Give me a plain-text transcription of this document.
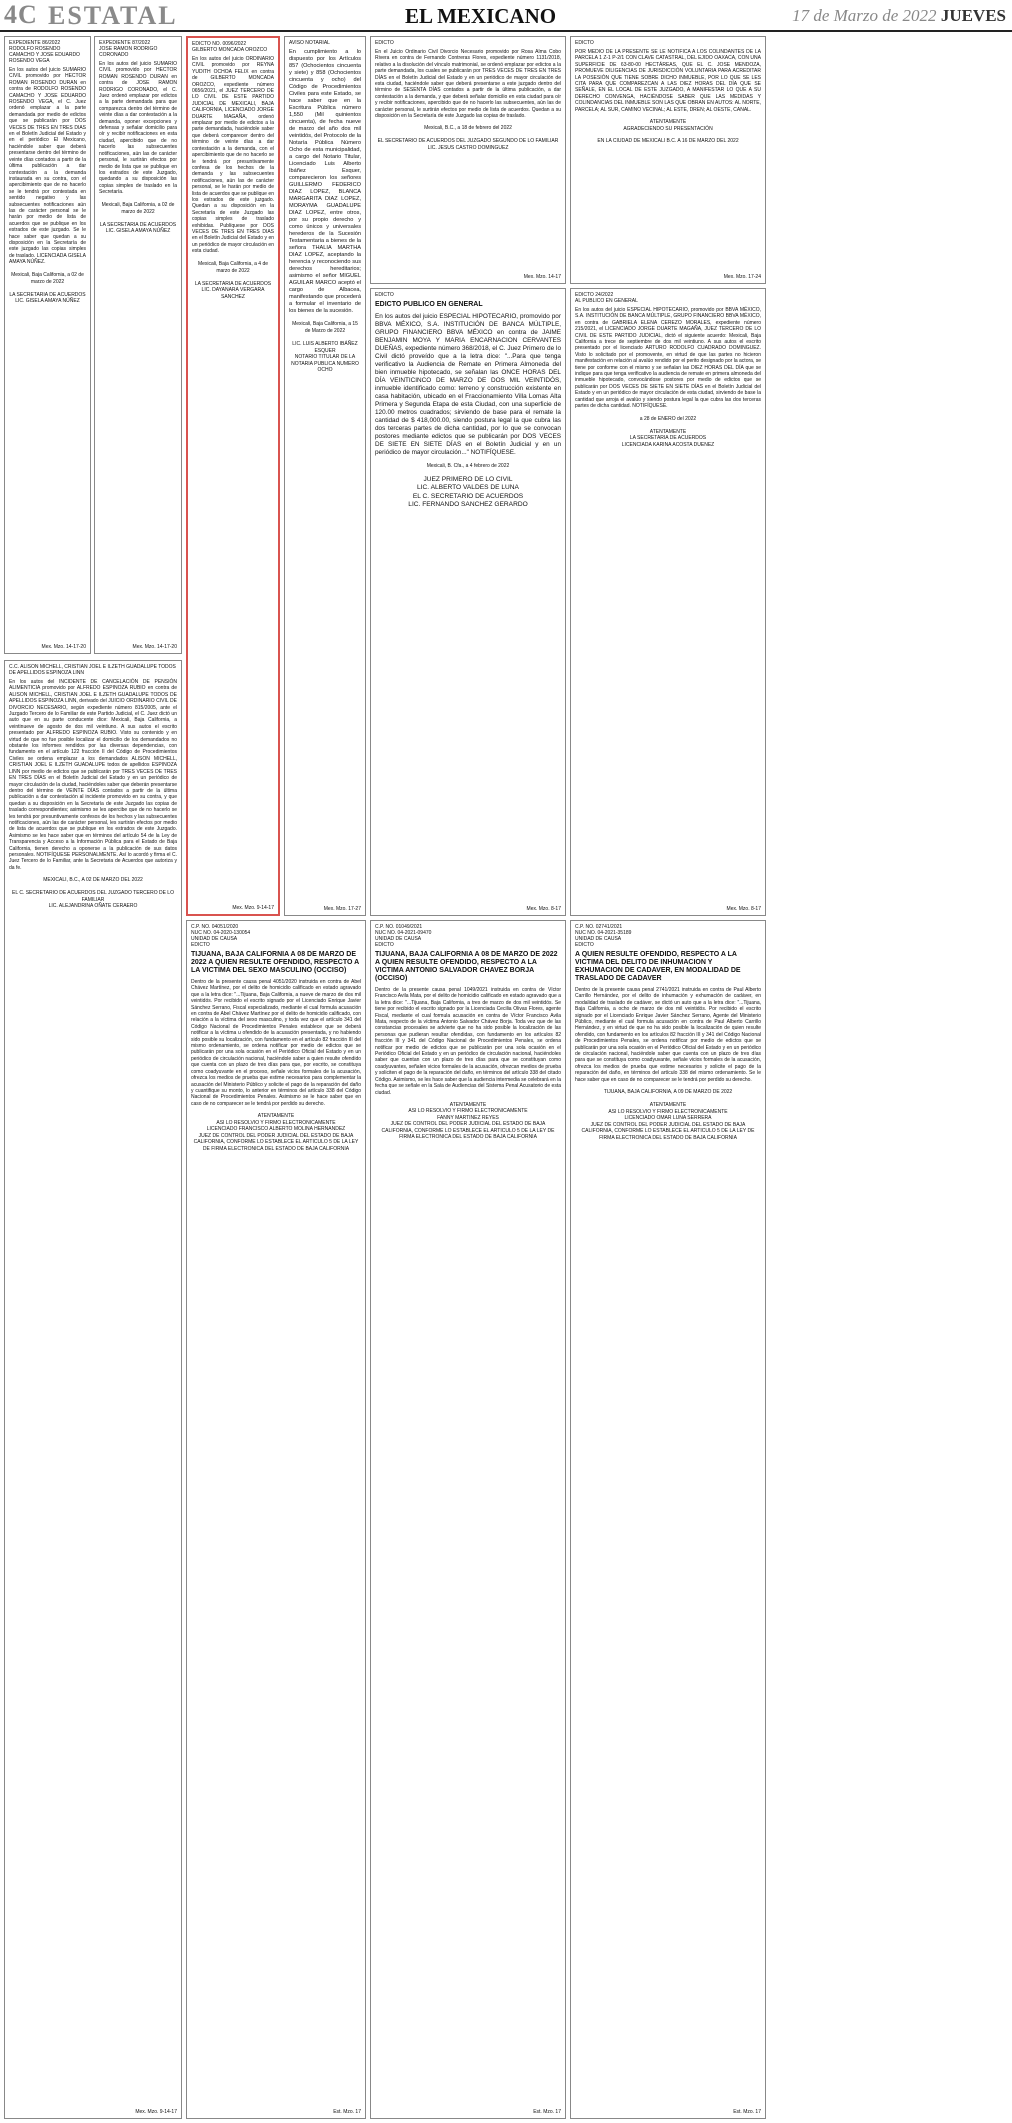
4C ESTATAL	EL MEXICANO	17 de Marzo de 2022 JUEVES
EXPEDIENTE 86/2022
RODOLFO ROSENDO CAMACHO Y JOSE EDUARDO ROSENDO VEGA

En los autos del juicio SUMARIO CIVIL promovido por HECTOR ROMAN ROSENDO DURAN en contra de RODOLFO ROSENDO CAMACHO Y JOSE EDUARDO ROSENDO VEGA, el C. Juez ordenó emplazar a la parte demandada por medio de edictos que se publicarán por DOS VECES DE TRES EN TRES DIAS en el Boletín Judicial del Estado y en el periódico El Mexicano, haciéndole saber que deberá presentarse dentro del término de veinte días contados a partir de la última publicación a dar contestación a la demanda instaurada en su contra, con el apercibimiento que de no hacerlo se le tendrá por contestada en sentido negativo y las subsecuentes notificaciones aún las de carácter personal se le harán por medio de lista de acuerdos que se publique en los estrados de este juzgado. Se le hace saber que quedan a su disposición en la Secretaría de este juzgado las copias simples de traslado. LICENCIADA GISELA AMAYA NÚÑEZ.

Mexicali, Baja California, a 02 de marzo de 2022
LA SECRETARIA DE ACUERDOS
LIC. GISELA AMAYA NÚÑEZ
Mex. Mzo. 14-17-20
EXPEDIENTE 87/2022
JOSE RAMON RODRIGO CORONADO

En los autos del juicio SUMARIO CIVIL promovido por HECTOR ROMAN ROSENDO DURAN en contra de JOSE RAMON RODRIGO CORONADO, el C. Juez ordenó emplazar por edictos a la parte demandada para que comparezca dentro del término de veinte días a dar contestación a la demanda, oponer excepciones y defensas y señalar domicilio para oír y recibir notificaciones en esta ciudad, apercibido que de no hacerlo las subsecuentes notificaciones, aún las de carácter personal, le surtirán efectos por medio de lista que se publique en los estrados de este Juzgado, quedando a su disposición las copias simples de traslado en la Secretaría.

Mexicali, Baja California, a 02 de marzo de 2022
LA SECRETARIA DE ACUERDOS
LIC. GISELA AMAYA NÚÑEZ
Mex. Mzo. 14-17-20
EDICTO NO. 0096/2022
GILBERTO MONCADA OROZCO

En los autos del juicio ORDINARIO CIVIL promovido por REYNA YUDITH OCHOA FELIX en contra de GILBERTO MONCADA OROZCO, expediente número 0656/2021, el JUEZ TERCERO DE LO CIVIL DE ESTE PARTIDO JUDICIAL DE MEXICALI, BAJA CALIFORNIA, LICENCIADO JORGE DUARTE MAGAÑA, ordenó emplazar por medio de edictos a la parte demandada, haciéndole saber que deberá comparecer dentro del término de veinte días a dar contestación a la demanda, con el apercibimiento que de no hacerlo se le tendrá por presuntivamente confesa de los hechos de la demanda y las subsecuentes notificaciones, aún las de carácter personal, se le harán por medio de lista de acuerdos que se publique en los estrados de este juzgado. Quedan a su disposición en la Secretaría de este Juzgado las copias simples de traslado exhibidas. Publíquese por DOS VECES DE TRES EN TRES DIAS en el Boletín Judicial del Estado y en un periódico de mayor circulación en esta ciudad.

Mexicali, Baja California, a 4 de marzo de 2022
LA SECRETARIA DE ACUERDOS
LIC. DAYANARA VERGARA SANCHEZ
Mex. Mzo. 9-14-17
AVISO NOTARIAL

En cumplimiento a lo dispuesto por los Artículos 857 (Ochocientos cincuenta y siete) y 858 (Ochocientos cincuenta y ocho) del Código de Procedimientos Civiles para este Estado, se hace saber que en la Escritura Pública número 1,550 (Mil quinientos cincuenta), de fecha nueve de marzo del año dos mil veintidós, del Protocolo de la Notaría Pública Número Ocho de esta municipalidad, a cargo del Notario Titular, Licenciado Luis Alberto Ibáñez Esquer, comparecieron los señores GUILLERMO FEDERICO DIAZ LOPEZ, BLANCA MARGARITA DIAZ LOPEZ, MORAYMA GUADALUPE DIAZ LOPEZ, entre otros, por su propio derecho y como únicos y universales herederos de la Sucesión Testamentaria a bienes de la señora THALIA MARTHA DIAZ LOPEZ, aceptando la herencia y reconociendo sus derechos hereditarios; asimismo el señor MIGUEL AGUILAR MARCO aceptó el cargo de Albacea, manifestando que procederá a formular el inventario de los bienes de la sucesión.

Mexicali, Baja California, a 15 de Marzo de 2022
LIC. LUIS ALBERTO IBÁÑEZ ESQUER
NOTARIO TITULAR DE LA NOTARIA PUBLICA NUMERO OCHO
Mex. Mzo. 17-27
EDICTO

En el Juicio Ordinario Civil Divorcio Necesario promovido por Rosa Alma Cobo Rivera en contra de Fernando Contreras Flores, expediente número 1131/2018, relativo a la disolución del vínculo matrimonial, se ordenó emplazar por edictos a la parte demandada, los cuales se publicarán por TRES VECES DE TRES EN TRES DÍAS en el Boletín Judicial del Estado y en un periódico de mayor circulación de esta ciudad, haciéndole saber que deberá presentarse a este juzgado dentro del término de SESENTA DÍAS contados a partir de la última publicación, a dar contestación a la demanda, y que deberá señalar domicilio en esta ciudad para oír y recibir notificaciones, apercibido que de no hacerlo las subsecuentes, aún las de carácter personal, le surtirán efectos por medio de lista de acuerdos. Quedan a su disposición en la Secretaría de este Juzgado las copias de traslado.

Mexicali, B.C., a 18 de febrero del 2022
EL SECRETARIO DE ACUERDOS DEL JUZGADO SEGUNDO DE LO FAMILIAR
LIC. JESUS CASTRO DOMINGUEZ
Mex. Mzo. 14-17
EDICTO

POR MEDIO DE LA PRESENTE SE LE NOTIFICA A LOS COLINDANTES DE LA PARCELA 1 Z-1 P-2/1 CON CLAVE CATASTRAL, DEL EJIDO OAXACA, CON UNA SUPERFICIE DE 63-80-00 HECTÁREAS, QUE EL C. JOSE MENDOZA, PROMUEVE DILIGENCIAS DE JURISDICCIÓN VOLUNTARIA PARA ACREDITAR LA POSESIÓN QUE TIENE SOBRE DICHO INMUEBLE, POR LO QUE SE LES CITA PARA QUE COMPAREZCAN A LAS DIEZ HORAS DEL DÍA QUE SE SEÑALE, EN EL LOCAL DE ESTE JUZGADO, A MANIFESTAR LO QUE A SU DERECHO CONVENGA, HACIÉNDOSE SABER QUE LAS MEDIDAS Y COLINDANCIAS DEL INMUEBLE SON LAS QUE OBRAN EN AUTOS: AL NORTE, PARCELA; AL SUR, CAMINO VECINAL; AL ESTE, DREN; AL OESTE, CANAL.

ATENTAMENTE
AGRADECIENDO SU PRESENTACIÓN
EN LA CIUDAD DE MEXICALI B.C. A 16 DE MARZO DEL 2022
Mex. Mzo. 17-24
EDICTO
EDICTO PUBLICO EN GENERAL

En los autos del juicio ESPECIAL HIPOTECARIO, promovido por BBVA MÉXICO, S.A. INSTITUCIÓN DE BANCA MÚLTIPLE, GRUPO FINANCIERO BBVA MÉXICO en contra de JAIME BENJAMIN MOYA Y MARIA ENCARNACION CERVANTES DUEÑAS, expediente número 368/2018, el C. Juez Primero de lo Civil dictó proveído que a la letra dice: "...Para que tenga verificativo la Audiencia de Remate en Primera Almoneda del bien inmueble hipotecado, se señalan las ONCE HORAS DEL DÍA VEINTICINCO DE MARZO DE DOS MIL VEINTIDÓS, inmueble identificado como: terreno y construcción existente en casa habitación, ubicado en el Fraccionamiento Villa Lomas Alta Primera y Segunda Etapa de esta Ciudad, con una superficie de 120.00 metros cuadrados; sirviendo de base para el remate la cantidad de $ 418,000.00, siendo postura legal la que cubra las dos terceras partes de dicha cantidad, por lo que se convocan postores mediante edictos que se publicarán por DOS VECES DE SIETE EN SIETE DÍAS en el Boletín Judicial y en un periódico de mayor circulación..." NOTIFÍQUESE.

Mexicali, B. Cfa., a 4 febrero de 2022
JUEZ PRIMERO DE LO CIVIL
LIC. ALBERTO VALDES DE LUNA
EL C. SECRETARIO DE ACUERDOS
LIC. FERNANDO SANCHEZ GERARDO
Mex. Mzo. 8-17
EDICTO 24/2022
AL PUBLICO EN GENERAL

En los autos del juicio ESPECIAL HIPOTECARIO, promovido por BBVA MÉXICO, S.A. INSTITUCIÓN DE BANCA MÚLTIPLE, GRUPO FINANCIERO BBVA MÉXICO, en contra de GABRIELA ELENA CEREZO MORALES, expediente número 215/2021, el LICENCIADO JORGE DUARTE MAGAÑA, JUEZ TERCERO DE LO CIVIL DE ESTE PARTIDO JUDICIAL, dictó el siguiente acuerdo: Mexicali, Baja California a trece de septiembre de dos mil veintiuno. A sus autos el escrito presentado por el licenciado ARTURO RODOLFO CUADRADO DOMINGUEZ. Visto lo solicitado por el promovente, en virtud de que las partes no hicieron manifestación en relación al avalúo rendido por el perito designado por la actora, se tiene por conforme con el mismo y se señalan las DIEZ HORAS DEL DÍA que se indique para que tenga verificativo la audiencia de remate en primera almoneda del inmueble hipotecado, convocándose postores por medio de edictos que se publicarán por DOS VECES DE SIETE EN SIETE DÍAS en el Boletín Judicial del Estado y en un periódico de mayor circulación de esta ciudad, sirviendo de base la cantidad que arroja el avalúo y siendo postura legal la que cubra las dos terceras partes de dicha cantidad. NOTIFÍQUESE.

a 28 de ENERO del 2022
ATENTAMENTE
LA SECRETARIA DE ACUERDOS
LICENCIADA KARINA ACOSTA DUENEZ
Mex. Mzo. 8-17
C.C. ALISON MICHELL, CRISTIAN JOEL E ILZETH GUADALUPE TODOS DE APELLIDOS ESPINOZA LINN

En los autos del INCIDENTE DE CANCELACIÓN DE PENSIÓN ALIMENTICIA promovido por ALFREDO ESPINOZA RUBIO en contra de ALISON MICHELL, CRISTIAN JOEL E ILZETH GUADALUPE TODOS DE APELLIDOS ESPINOZA LINN, derivado del JUICIO ORDINARIO CIVIL DE DIVORCIO NECESARIO, según expediente número 815/2005, ante el Juzgado Tercero de lo Familiar de este Partido Judicial, el C. Juez dictó un auto que en su parte conducente dice: Mexicali, Baja California, a veintinueve de agosto de dos mil veintiuno. A sus autos el escrito presentado por ALFREDO ESPINOZA RUBIO. Visto su contenido y en virtud de que no fue posible localizar el domicilio de los demandados no obstante los informes rendidos por las diversas dependencias, con fundamento en el artículo 122 fracción II del Código de Procedimientos Civiles se ordena emplazar a los demandados ALISON MICHELL, CRISTIAN JOEL E ILZETH GUADALUPE todos de apellidos ESPINOZA LINN por medio de edictos que se publicarán por TRES VECES DE TRES EN TRES DÍAS en el Boletín Judicial del Estado y en un periódico de mayor circulación de la ciudad, haciéndoles saber que deberán presentarse dentro del término de VEINTE DÍAS contados a partir de la última publicación a dar contestación al incidente promovido en su contra, y que quedan a su disposición en la Secretaría de este Juzgado las copias de traslado correspondientes; asimismo se les apercibe que de no hacerlo se les tendrá por presuntivamente confesos de los hechos y las subsecuentes notificaciones, aún las de carácter personal, les surtirán efectos por medio de lista de acuerdos que se publique en los estrados de este Juzgado. Asimismo se les hace saber que en términos del artículo 54 de la Ley de Transparencia y Acceso a la Información Pública para el Estado de Baja California, tienen derecho a oponerse a la publicación de sus datos personales. NOTIFÍQUESE PERSONALMENTE. Así lo acordó y firma el C. Juez Tercero de lo Familiar, ante la Secretaria de Acuerdos que autoriza y da fe.

MEXICALI, B.C., A 02 DE MARZO DEL 2022
EL C. SECRETARIO DE ACUERDOS DEL JUZGADO TERCERO DE LO FAMILIAR
LIC. ALEJANDRINA OÑATE CERAERO
Mex. Mzo. 9-14-17
C.P. NO. 04051/2020
NUC NO. 04-2020-130054
UNIDAD DE CAUSA
EDICTO
TIJUANA, BAJA CALIFORNIA A 08 DE MARZO DE 2022 A QUIEN RESULTE OFENDIDO, RESPECTO A LA VICTIMA DEL SEXO MASCULINO (OCCISO)

Dentro de la presente causa penal 4051/2020 instruida en contra de Abel Chávez Martínez, por el delito de homicidio calificado en estado agravado que a la letra dice: "...Tijuana, Baja California, a nueve de marzo de dos mil veintidós. Por recibido el escrito signado por el Licenciado Enrique Javier Sánchez Serrano, Fiscal especializado, mediante el cual formula acusación en contra de Abel Chávez Martínez por el delito de homicidio calificado, con relación a la víctima del sexo masculino, y toda vez que el artículo 341 del Código Nacional de Procedimientos Penales establece que se deberá notificar a la víctima u ofendido de la acusación presentada, y no habiendo sido posible su localización, con fundamento en el artículo 82 fracción III del mismo ordenamiento, se ordena notificar por medio de edictos que se publicarán por una sola ocasión en el Periódico Oficial del Estado y en un periódico de circulación nacional, haciéndole saber a quien resulte ofendido que cuenta con un plazo de tres días para que, por escrito, se constituya como coadyuvante en el proceso, señale vicios formales de la acusación, ofrezca los medios de prueba que estime necesarios para complementar la acusación del Ministerio Público y solicite el pago de la reparación del daño y cuantifique su monto, lo anterior en términos del artículo 338 del Código Nacional de Procedimientos Penales. Asimismo se le hace saber que en caso de no comparecer se le tendrá por perdido su derecho.

ATENTAMENTE
ASI LO RESOLVIO Y FIRMO ELECTRONICAMENTE
LICENCIADO FRANCISCO ALBERTO MOLINA HERNANDEZ
JUEZ DE CONTROL DEL PODER JUDICIAL DEL ESTADO DE BAJA CALIFORNIA, CONFORME LO ESTABLECE EL ARTICULO 5 DE LA LEY DE FIRMA ELECTRONICA DEL ESTADO DE BAJA CALIFORNIA
Est. Mzo. 17
C.P. NO. 01049/2021
NUC NO. 04-2021-09470
UNIDAD DE CAUSA
EDICTO
TIJUANA, BAJA CALIFORNIA A 08 DE MARZO DE 2022 A QUIEN RESULTE OFENDIDO, RESPECTO A LA VICTIMA ANTONIO SALVADOR CHAVEZ BORJA (OCCISO)

Dentro de la presente causa penal 1049/2021 instruida en contra de Víctor Francisco Avila Mata, por el delito de homicidio calificado en estado agravado que a la letra dice: "...Tijuana, Baja California, a tres de marzo de dos mil veintidós. Se tiene por recibido el escrito signado por la Licenciada Cecilia Olivas Flores, agente Fiscal, mediante el cual formula acusación en contra de Víctor Francisco Avila Mata, respecto de la víctima Antonio Salvador Chávez Borja. Toda vez que de las constancias procesales se advierte que no ha sido posible la localización de las personas que pudieran resultar ofendidas, con fundamento en los artículos 82 fracción III y 341 del Código Nacional de Procedimientos Penales, se ordena notificar por medio de edictos que se publicarán por una sola ocasión en el Periódico Oficial del Estado y en un periódico de circulación nacional, haciéndoles saber que cuentan con un plazo de tres días para que se constituyan como coadyuvantes, señalen vicios formales de la acusación, ofrezcan medios de prueba y soliciten el pago de la reparación del daño, en términos del artículo 338 del citado Código. Asimismo, se les hace saber que la audiencia intermedia se celebrará en la fecha que se señale en la Sala de Audiencias del Sistema Penal Acusatorio de esta ciudad.

ATENTAMENTE
ASI LO RESOLVIO Y FIRMO ELECTRONICAMENTE
FANNY MARTINEZ REYES
JUEZ DE CONTROL DEL PODER JUDICIAL DEL ESTADO DE BAJA CALIFORNIA, CONFORME LO ESTABLECE EL ARTICULO 5 DE LA LEY DE FIRMA ELECTRONICA DEL ESTADO DE BAJA CALIFORNIA
Est. Mzo. 17
C.P. NO. 02741/2021
NUC NO. 04-2021-35189
UNIDAD DE CAUSA
EDICTO
A QUIEN RESULTE OFENDIDO, RESPECTO A LA VICTIMA DEL DELITO DE INHUMACION Y EXHUMACION DE CADAVER, EN MODALIDAD DE TRASLADO DE CADAVER

Dentro de la presente causa penal 2741/2021 instruida en contra de Paul Alberto Carrillo Hernández, por el delito de inhumación y exhumación de cadáver, en modalidad de traslado de cadáver, se dictó un auto que a la letra dice: "...Tijuana, Baja California, a ocho de marzo de dos mil veintidós. Por recibido el escrito signado por el Licenciado Enrique Javier Sánchez Serrano, Agente del Ministerio Público, mediante el cual formula acusación en contra de Paul Alberto Carrillo Hernández, y en virtud de que no ha sido posible la localización de quien resulte ofendido, con fundamento en los artículos 82 fracción III y 341 del Código Nacional de Procedimientos Penales, se ordena notificar por medio de edictos que se publicarán por una sola ocasión en el Periódico Oficial del Estado y en un periódico de circulación nacional, haciéndole saber que cuenta con un plazo de tres días para que se constituya como coadyuvante, señale vicios formales de la acusación, ofrezca los medios de prueba que estime necesarios y solicite el pago de la reparación del daño, en términos del artículo 338 del mismo ordenamiento. Se le hace saber que en caso de no comparecer se le tendrá por perdido su derecho.

TIJUANA, BAJA CALIFORNIA, A 09 DE MARZO DE 2022
ATENTAMENTE
ASI LO RESOLVIO Y FIRMO ELECTRONICAMENTE
LICENCIADO OMAR LUNA SERRERA
JUEZ DE CONTROL DEL PODER JUDICIAL DEL ESTADO DE BAJA CALIFORNIA, CONFORME LO ESTABLECE EL ARTICULO 5 DE LA LEY DE FIRMA ELECTRONICA DEL ESTADO DE BAJA CALIFORNIA
Est. Mzo. 17
